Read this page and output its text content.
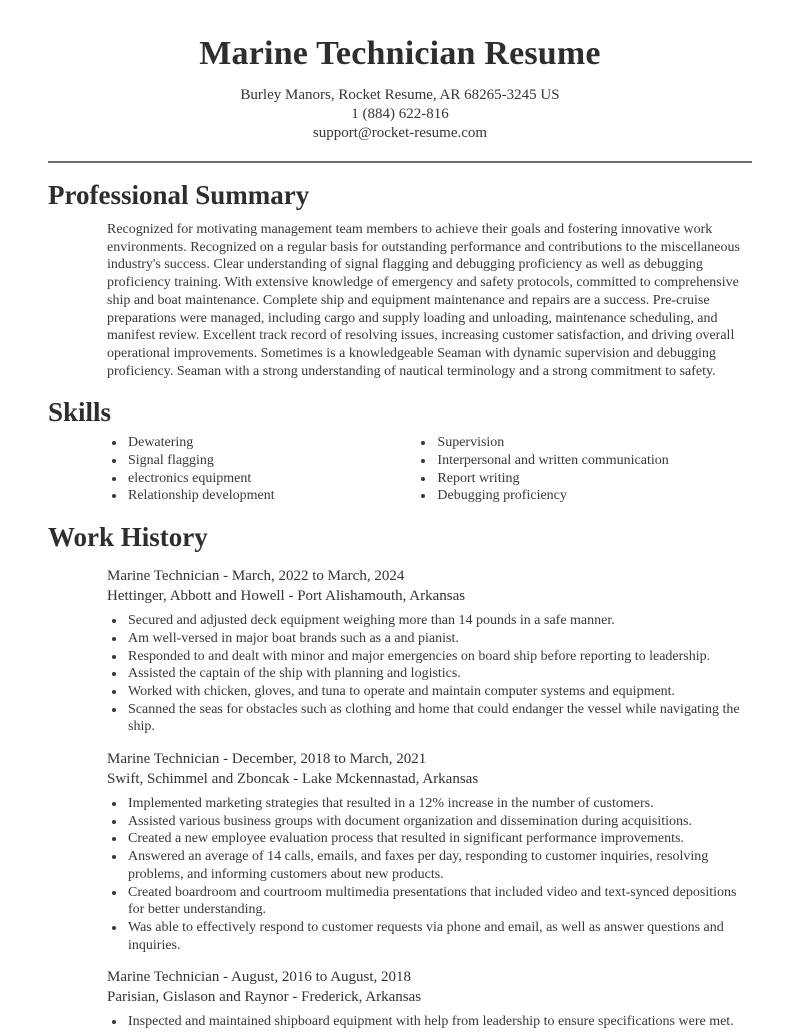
Marine Technician Resume
Burley Manors, Rocket Resume, AR 68265-3245 US
1 (884) 622-816
support@rocket-resume.com
Professional Summary

Recognized for motivating management team members to achieve their goals and fostering innovative work environments. Recognized on a regular basis for outstanding performance and contributions to the miscellaneous industry's success. Clear understanding of signal flagging and debugging proficiency as well as debugging proficiency training. With extensive knowledge of emergency and safety protocols, committed to comprehensive ship and boat maintenance. Complete ship and equipment maintenance and repairs are a success. Pre-cruise preparations were managed, including cargo and supply loading and unloading, maintenance scheduling, and manifest review. Excellent track record of resolving issues, increasing customer satisfaction, and driving overall operational improvements. Sometimes is a knowledgeable Seaman with dynamic supervision and debugging proficiency. Seaman with a strong understanding of nautical terminology and a strong commitment to safety.

Skills
• Dewatering
• Signal flagging
• electronics equipment
• Relationship development
• Supervision
• Interpersonal and written communication
• Report writing
• Debugging proficiency
Work History
Marine Technician - March, 2022 to March, 2024
Hettinger, Abbott and Howell - Port Alishamouth, Arkansas
• Secured and adjusted deck equipment weighing more than 14 pounds in a safe manner.
• Am well-versed in major boat brands such as a and pianist.
• Responded to and dealt with minor and major emergencies on board ship before reporting to leadership.
• Assisted the captain of the ship with planning and logistics.
• Worked with chicken, gloves, and tuna to operate and maintain computer systems and equipment.
• Scanned the seas for obstacles such as clothing and home that could endanger the vessel while navigating the ship.
Marine Technician - December, 2018 to March, 2021
Swift, Schimmel and Zboncak - Lake Mckennastad, Arkansas
• Implemented marketing strategies that resulted in a 12% increase in the number of customers.
• Assisted various business groups with document organization and dissemination during acquisitions.
• Created a new employee evaluation process that resulted in significant performance improvements.
• Answered an average of 14 calls, emails, and faxes per day, responding to customer inquiries, resolving problems, and informing customers about new products.
• Created boardroom and courtroom multimedia presentations that included video and text-synced depositions for better understanding.
• Was able to effectively respond to customer requests via phone and email, as well as answer questions and inquiries.
Marine Technician - August, 2016 to August, 2018
Parisian, Gislason and Raynor - Frederick, Arkansas
• Inspected and maintained shipboard equipment with help from leadership to ensure specifications were met.
